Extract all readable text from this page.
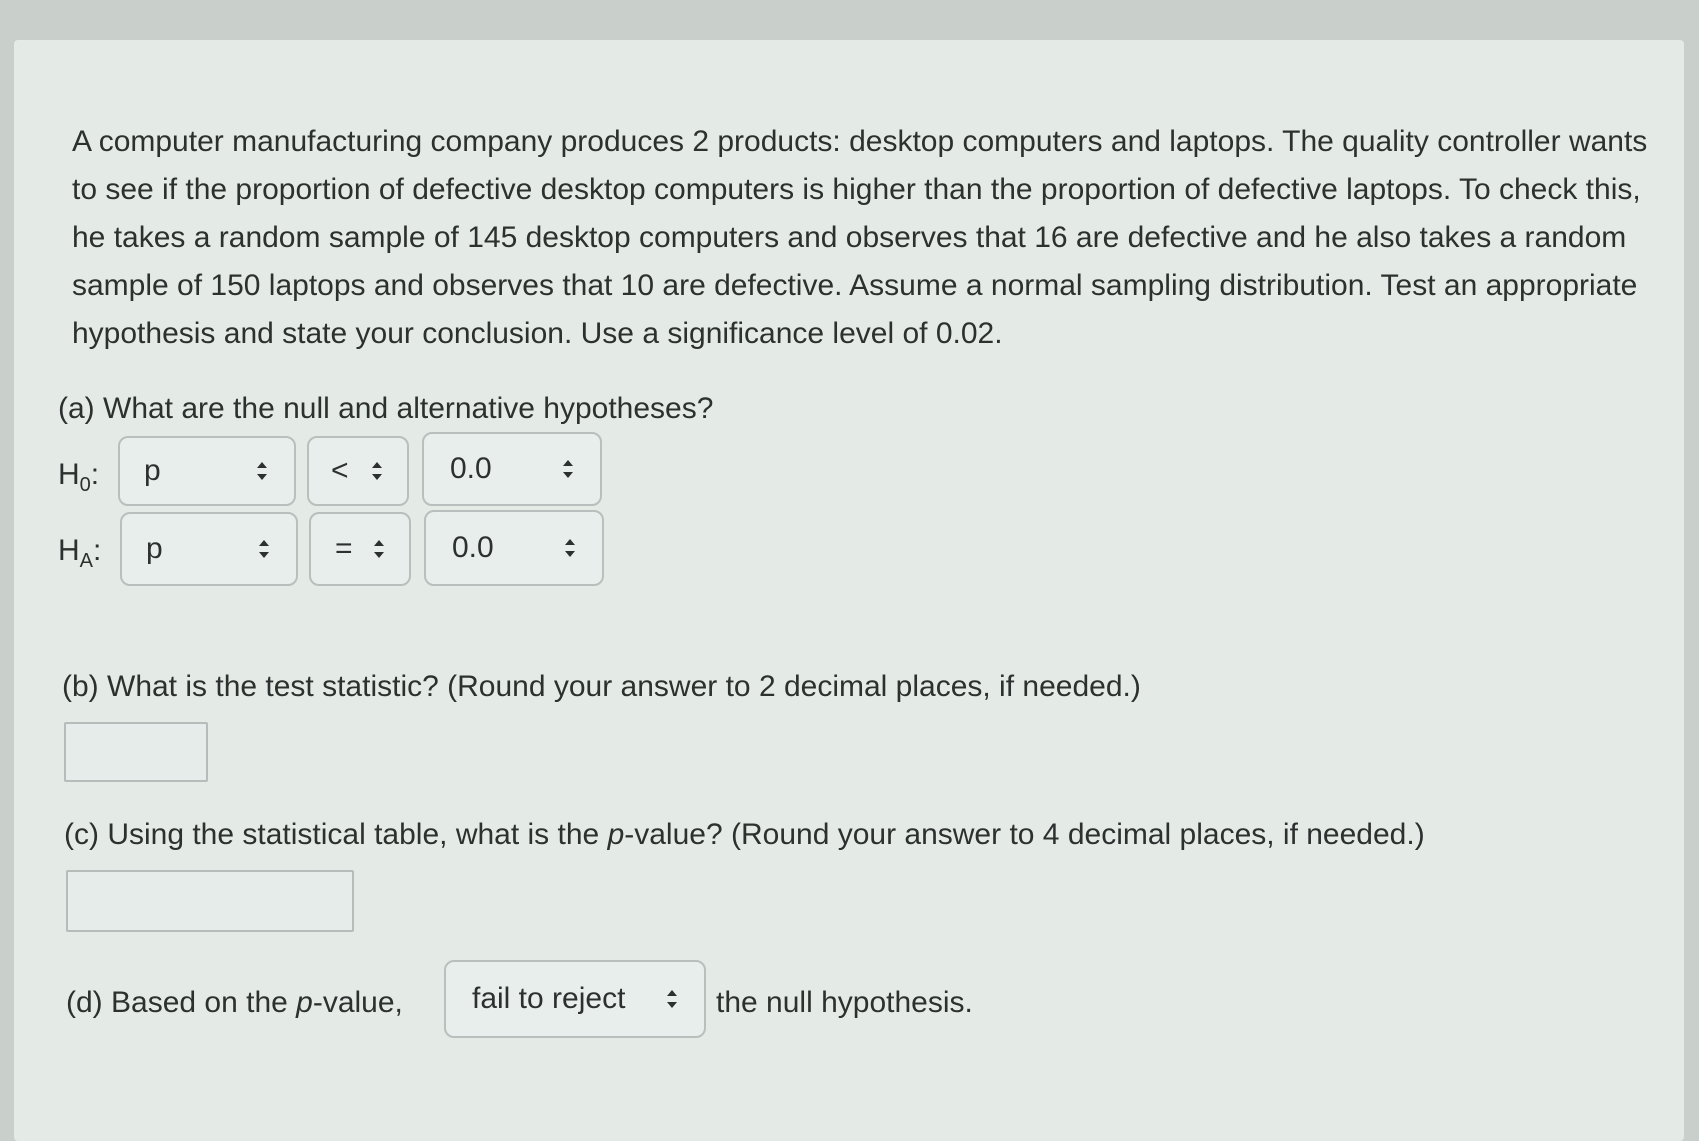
A computer manufacturing company produces 2 products: desktop computers and laptops. The quality controller wants to see if the proportion of defective desktop computers is higher than the proportion of defective laptops. To check this, he takes a random sample of 145 desktop computers and observes that 16 are defective and he also takes a random sample of 150 laptops and observes that 10 are defective. Assume a normal sampling distribution. Test an appropriate hypothesis and state your conclusion. Use a significance level of 0.02.

(a) What are the null and alternative hypotheses?
$H_0$: p	<	0.0
$H_A$: p	=	0.0
(b) What is the test statistic? (Round your answer to 2 decimal places, if needed.)
(c) Using the statistical table, what is the p-value? (Round your answer to 4 decimal places, if needed.)
(d) Based on the p-value, fail to reject	the null hypothesis.
